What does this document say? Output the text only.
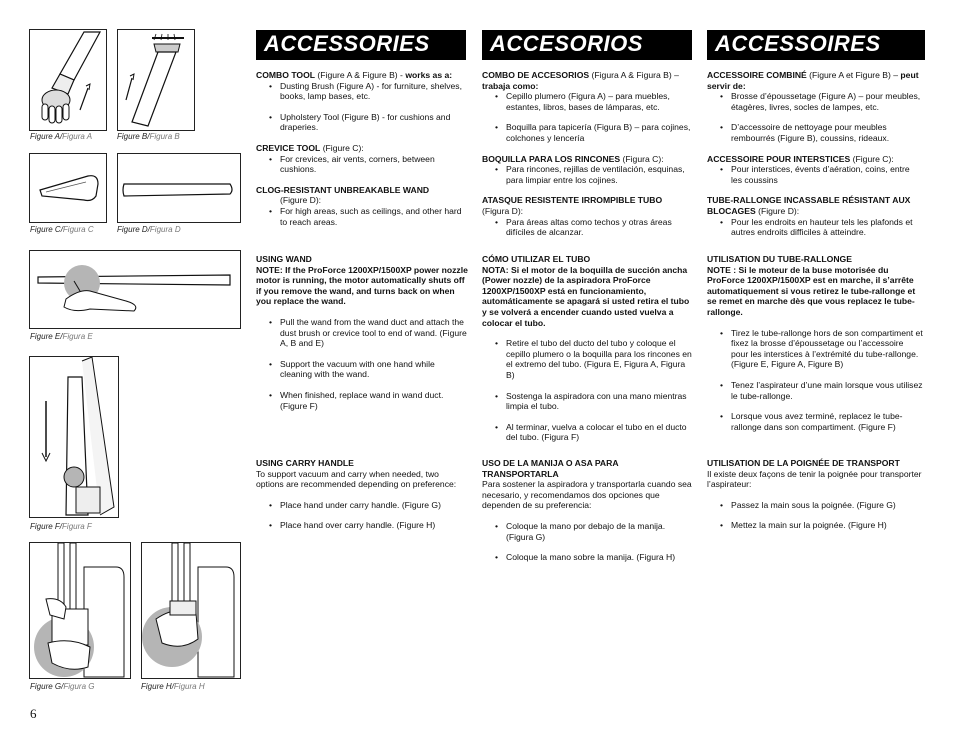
Figure A/Figura A	Figure B/Figura B
Figure C/Figura C	Figure D/Figura D
Figure E/Figura E
Figure F/Figura F
Figure G/Figura G	Figure H/Figura H
ACCESSORIES	ACCESORIOS	ACCESSOIRES

COMBO TOOL (Figure A & Figure B) - works as a:

• Dusting Brush (Figure A) - for furniture, shelves, books, lamp bases, etc.
• Upholstery Tool (Figure B) - for cushions and draperies.

CREVICE TOOL (Figure C):

• For crevices, air vents, corners, between cushions.

CLOG-RESISTANT UNBREAKABLE WAND

(Figure D):

• For high areas, such as ceilings, and other hard to reach areas.

USING WAND

NOTE: If the ProForce 1200XP/1500XP power nozzle motor is running, the motor automatically shuts off if you remove the wand, and turns back on when you replace the wand.

• Pull the wand from the wand duct and attach the dust brush or crevice tool to end of wand. (Figure A, B and E)
• Support the vacuum with one hand while cleaning with the wand.
• When finished, replace wand in wand duct. (Figure F)

USING CARRY HANDLE

To support vacuum and carry when needed, two options are recommended depending on preference:

• Place hand under carry handle. (Figure G)
• Place hand over carry handle. (Figure H)

COMBO DE ACCESORIOS (Figura A & Figura B) – trabaja como:

• Cepillo plumero (Figura A) – para muebles, estantes, libros, bases de lámparas, etc.
• Boquilla para tapicería (Figura B) – para cojines, colchones y lencería

BOQUILLA PARA LOS RINCONES (Figura C):

• Para rincones, rejillas de ventilación, esquinas, para limpiar entre los cojines.

ATASQUE RESISTENTE IRROMPIBLE TUBO

(Figura D):

• Para áreas altas como techos y otras áreas difíciles de alcanzar.

CÓMO UTILIZAR EL TUBO

NOTA: Si el motor de la boquilla de succión ancha (Power nozzle) de la aspiradora ProForce 1200XP/1500XP está en funcionamiento, automáticamente se apagará si usted retira el tubo y se volverá a encender cuando usted vuelva a colocar el tubo.

• Retire el tubo del ducto del tubo y coloque el cepillo plumero o la boquilla para los rincones en el extremo del tubo. (Figura E, Figura A, Figura B)
• Sostenga la aspiradora con una mano mientras limpia el tubo.
• Al terminar, vuelva a colocar el tubo en el ducto del tubo. (Figura F)

USO DE LA MANIJA O ASA PARA TRANSPORTARLA

Para sostener la aspiradora y transportarla cuando sea necesario, y recomendamos dos opciones que dependen de su preferencia:

• Coloque la mano por debajo de la manija. (Figura G)
• Coloque la mano sobre la manija. (Figura H)

ACCESSOIRE COMBINÉ (Figure A et Figure B) – peut servir de:

• Brosse d’époussetage (Figure A) – pour meubles, étagères, livres, socles de lampes, etc.
• D’accessoire de nettoyage pour meubles rembourrés (Figure B), coussins, rideaux.

ACCESSOIRE POUR INTERSTICES (Figure C):

• Pour interstices, évents d’aération, coins, entre les coussins

TUBE-RALLONGE INCASSABLE RÉSISTANT AUX BLOCAGES (Figure D):

• Pour les endroits en hauteur tels les plafonds et autres endroits difficiles à atteindre.

UTILISATION DU TUBE-RALLONGE

NOTE : Si le moteur de la buse motorisée du ProForce 1200XP/1500XP est en marche, il s’arrête automatiquement si vous retirez le tube-rallonge et se remet en marche dès que vous replacez le tube-rallonge.

• Tirez le tube-rallonge hors de son compartiment et fixez la brosse d’époussetage ou l’accessoire pour les interstices à l’extrémité du tube-rallonge. (Figure E, Figure A, Figure B)
• Tenez l’aspirateur d’une main lorsque vous utilisez le tube-rallonge.
• Lorsque vous avez terminé, replacez le tube-rallonge dans son compartiment. (Figure F)

UTILISATION DE LA POIGNÉE DE TRANSPORT

Il existe deux façons de tenir la poignée pour transporter l’aspirateur:

• Passez la main sous la poignée. (Figure G)
• Mettez la main sur la poignée. (Figure H)
6
